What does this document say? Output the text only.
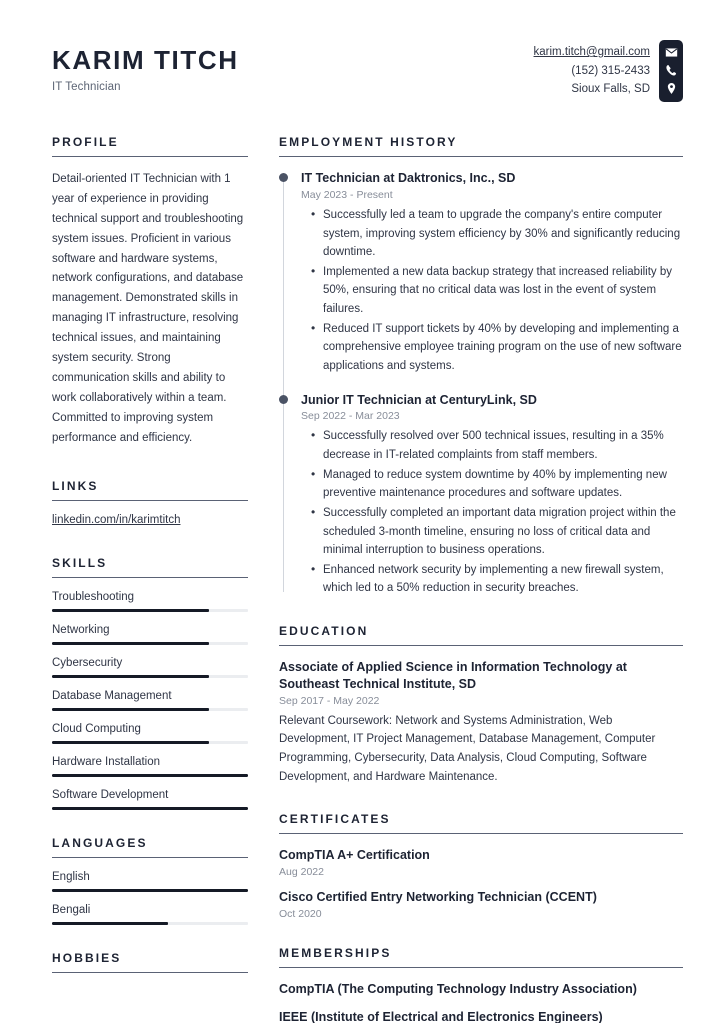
KARIM TITCH
IT Technician
karim.titch@gmail.com
(152) 315-2433
Sioux Falls, SD
PROFILE
Detail-oriented IT Technician with 1 year of experience in providing technical support and troubleshooting system issues. Proficient in various software and hardware systems, network configurations, and database management. Demonstrated skills in managing IT infrastructure, resolving technical issues, and maintaining system security. Strong communication skills and ability to work collaboratively within a team. Committed to improving system performance and efficiency.
LINKS
linkedin.com/in/karimtitch
SKILLS
Troubleshooting
Networking
Cybersecurity
Database Management
Cloud Computing
Hardware Installation
Software Development
LANGUAGES
English
Bengali
HOBBIES
EMPLOYMENT HISTORY
IT Technician at Daktronics, Inc., SD
May 2023 - Present
• Successfully led a team to upgrade the company's entire computer system, improving system efficiency by 30% and significantly reducing downtime.
• Implemented a new data backup strategy that increased reliability by 50%, ensuring that no critical data was lost in the event of system failures.
• Reduced IT support tickets by 40% by developing and implementing a comprehensive employee training program on the use of new software applications and systems.
Junior IT Technician at CenturyLink, SD
Sep 2022 - Mar 2023
• Successfully resolved over 500 technical issues, resulting in a 35% decrease in IT-related complaints from staff members.
• Managed to reduce system downtime by 40% by implementing new preventive maintenance procedures and software updates.
• Successfully completed an important data migration project within the scheduled 3-month timeline, ensuring no loss of critical data and minimal interruption to business operations.
• Enhanced network security by implementing a new firewall system, which led to a 50% reduction in security breaches.
EDUCATION
Associate of Applied Science in Information Technology at Southeast Technical Institute, SD
Sep 2017 - May 2022
Relevant Coursework: Network and Systems Administration, Web Development, IT Project Management, Database Management, Computer Programming, Cybersecurity, Data Analysis, Cloud Computing, Software Development, and Hardware Maintenance.
CERTIFICATES
CompTIA A+ Certification
Aug 2022
Cisco Certified Entry Networking Technician (CCENT)
Oct 2020
MEMBERSHIPS
CompTIA (The Computing Technology Industry Association)
IEEE (Institute of Electrical and Electronics Engineers)
